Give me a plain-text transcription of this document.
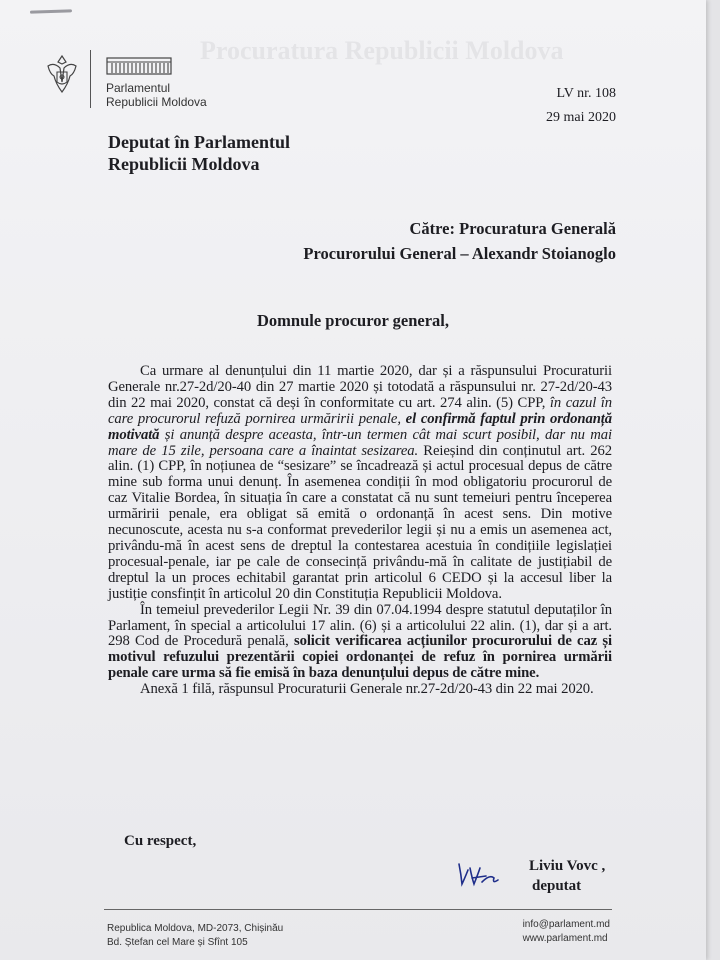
Procuratura Republicii Moldova
Parlamentul
Republicii Moldova
LV nr. 108
29 mai 2020
Deputat în Parlamentul
Republicii Moldova
Către: Procuratura Generală
Procurorului General – Alexandr Stoianoglo
Domnule procuror general,

Ca urmare al denunțului din 11 martie 2020, dar și a răspunsului Procuraturii Generale nr.27-2d/20-40 din 27 martie 2020 și totodată a răspunsului nr. 27-2d/20-43 din 22 mai 2020, constat că deși în conformitate cu art. 274 alin. (5) CPP, în cazul în care procurorul refuză pornirea urmăririi penale, el confirmă faptul prin ordonanță motivată și anunță despre aceasta, într-un termen cât mai scurt posibil, dar nu mai mare de 15 zile, persoana care a înaintat sesizarea. Reieșind din conținutul art. 262 alin. (1) CPP, în noțiunea de “sesizare” se încadrează și actul procesual depus de către mine sub forma unui denunț. În asemenea condiții în mod obligatoriu procurorul de caz Vitalie Bordea, în situația în care a constatat că nu sunt temeiuri pentru începerea urmăririi penale, era obligat să emită o ordonanță în acest sens. Din motive necunoscute, acesta nu s-a conformat prevederilor legii și nu a emis un asemenea act, privându-mă în acest sens de dreptul la contestarea acestuia în condițiile legislației procesual-penale, iar pe cale de consecință privându-mă în calitate de justițiabil de dreptul la un proces echitabil garantat prin articolul 6 CEDO și la accesul liber la justiție consfințit în articolul 20 din Constituția Republicii Moldova.

În temeiul prevederilor Legii Nr. 39 din 07.04.1994 despre statutul deputaților în Parlament, în special a articolului 17 alin. (6) și a articolului 22 alin. (1), dar și a art. 298 Cod de Procedură penală, solicit verificarea acțiunilor procurorului de caz și motivul refuzului prezentării copiei ordonanței de refuz în pornirea urmării penale care urma să fie emisă în baza denunțului depus de către mine.

Anexă 1 filă, răspunsul Procuraturii Generale nr.27-2d/20-43 din 22 mai 2020.

Cu respect,
Liviu Vovc ,
deputat
Republica Moldova, MD-2073, Chișinău
Bd. Ștefan cel Mare și Sfînt 105
info@parlament.md
www.parlament.md
